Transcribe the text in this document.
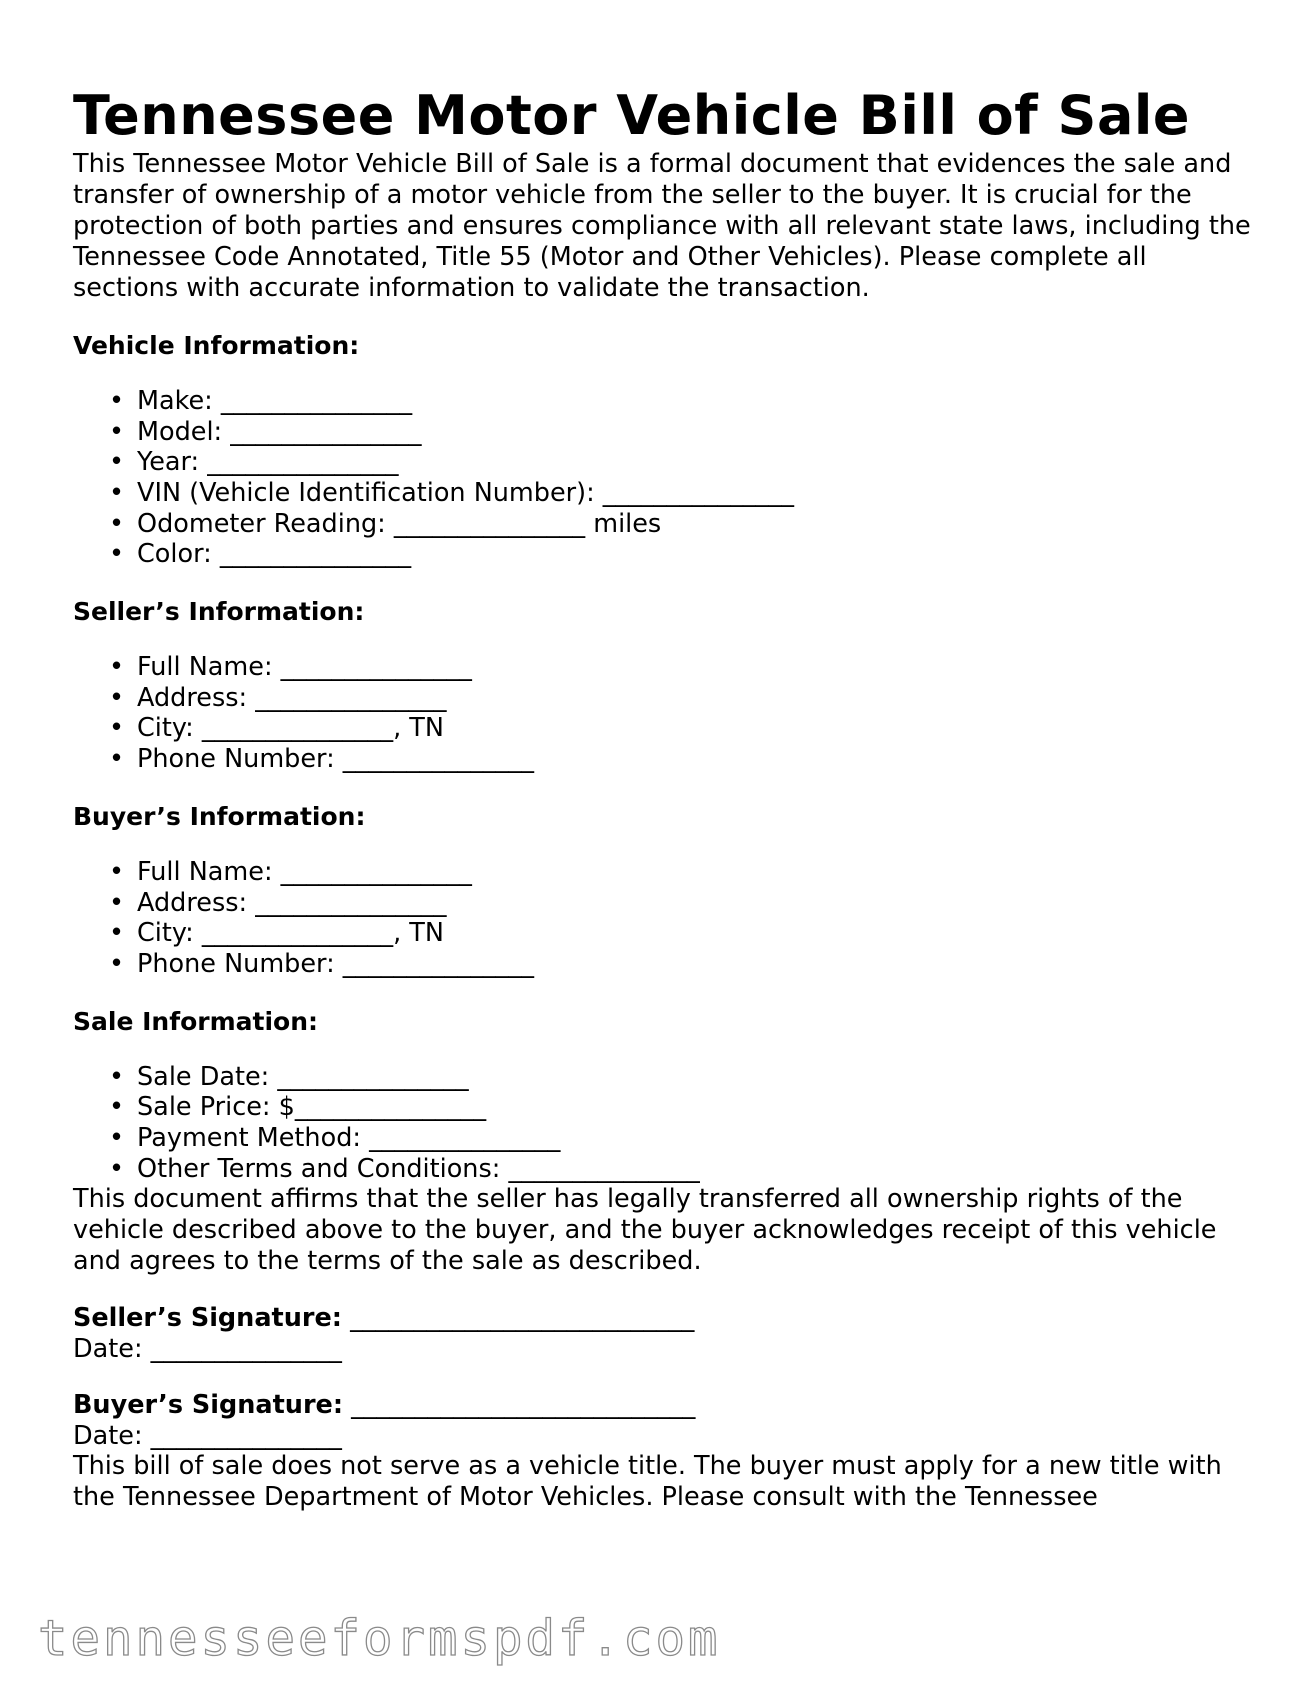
Tennessee Motor Vehicle Bill of Sale

This Tennessee Motor Vehicle Bill of Sale is a formal document that evidences the sale and transfer of ownership of a motor vehicle from the seller to the buyer. It is crucial for the protection of both parties and ensures compliance with all relevant state laws, including the Tennessee Code Annotated, Title 55 (Motor and Other Vehicles). Please complete all sections with accurate information to validate the transaction.

Vehicle Information:
• Make: _______________
• Model: _______________
• Year: _______________
• VIN (Vehicle Identification Number): _______________
• Odometer Reading: _______________ miles
• Color: _______________
Seller’s Information:
• Full Name: _______________
• Address: _______________
• City: _______________, TN
• Phone Number: _______________
Buyer’s Information:
• Full Name: _______________
• Address: _______________
• City: _______________, TN
• Phone Number: _______________
Sale Information:
• Sale Date: _______________
• Sale Price: $_______________
• Payment Method: _______________
• Other Terms and Conditions: _______________

This document affirms that the seller has legally transferred all ownership rights of the vehicle described above to the buyer, and the buyer acknowledges receipt of this vehicle and agrees to the terms of the sale as described.

Seller’s Signature: ___________________________
Date: _______________
Buyer’s Signature: ___________________________
Date: _______________

This bill of sale does not serve as a vehicle title. The buyer must apply for a new title with the Tennessee Department of Motor Vehicles. Please consult with the Tennessee

tennesseeformspdf.com
